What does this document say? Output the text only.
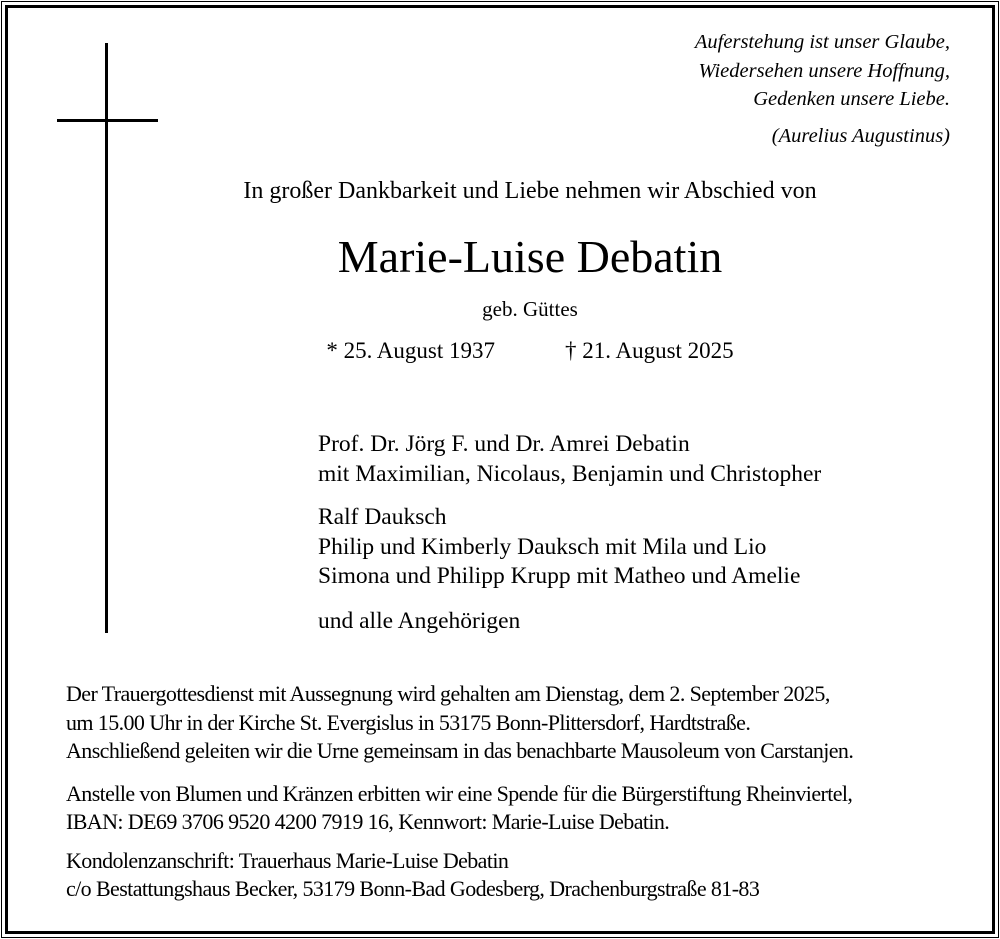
Auferstehung ist unser Glaube,
Wiedersehen unsere Hoffnung,
Gedenken unsere Liebe.
(Aurelius Augustinus)
In großer Dankbarkeit und Liebe nehmen wir Abschied von
Marie-Luise Debatin
geb. Güttes
* 25. August 1937	† 21. August 2025
Prof. Dr. Jörg F. und Dr. Amrei Debatin
mit Maximilian, Nicolaus, Benjamin und Christopher
Ralf Dauksch
Philip und Kimberly Dauksch mit Mila und Lio
Simona und Philipp Krupp mit Matheo und Amelie
und alle Angehörigen
Der Trauergottesdienst mit Aussegnung wird gehalten am Dienstag, dem 2. September 2025,
um 15.00 Uhr in der Kirche St. Evergislus in 53175 Bonn-Plittersdorf, Hardtstraße.
Anschließend geleiten wir die Urne gemeinsam in das benachbarte Mausoleum von Carstanjen.
Anstelle von Blumen und Kränzen erbitten wir eine Spende für die Bürgerstiftung Rheinviertel,
IBAN: DE69 3706 9520 4200 7919 16, Kennwort: Marie-Luise Debatin.
Kondolenzanschrift: Trauerhaus Marie-Luise Debatin
c/o Bestattungshaus Becker, 53179 Bonn-Bad Godesberg, Drachenburgstraße 81-83
